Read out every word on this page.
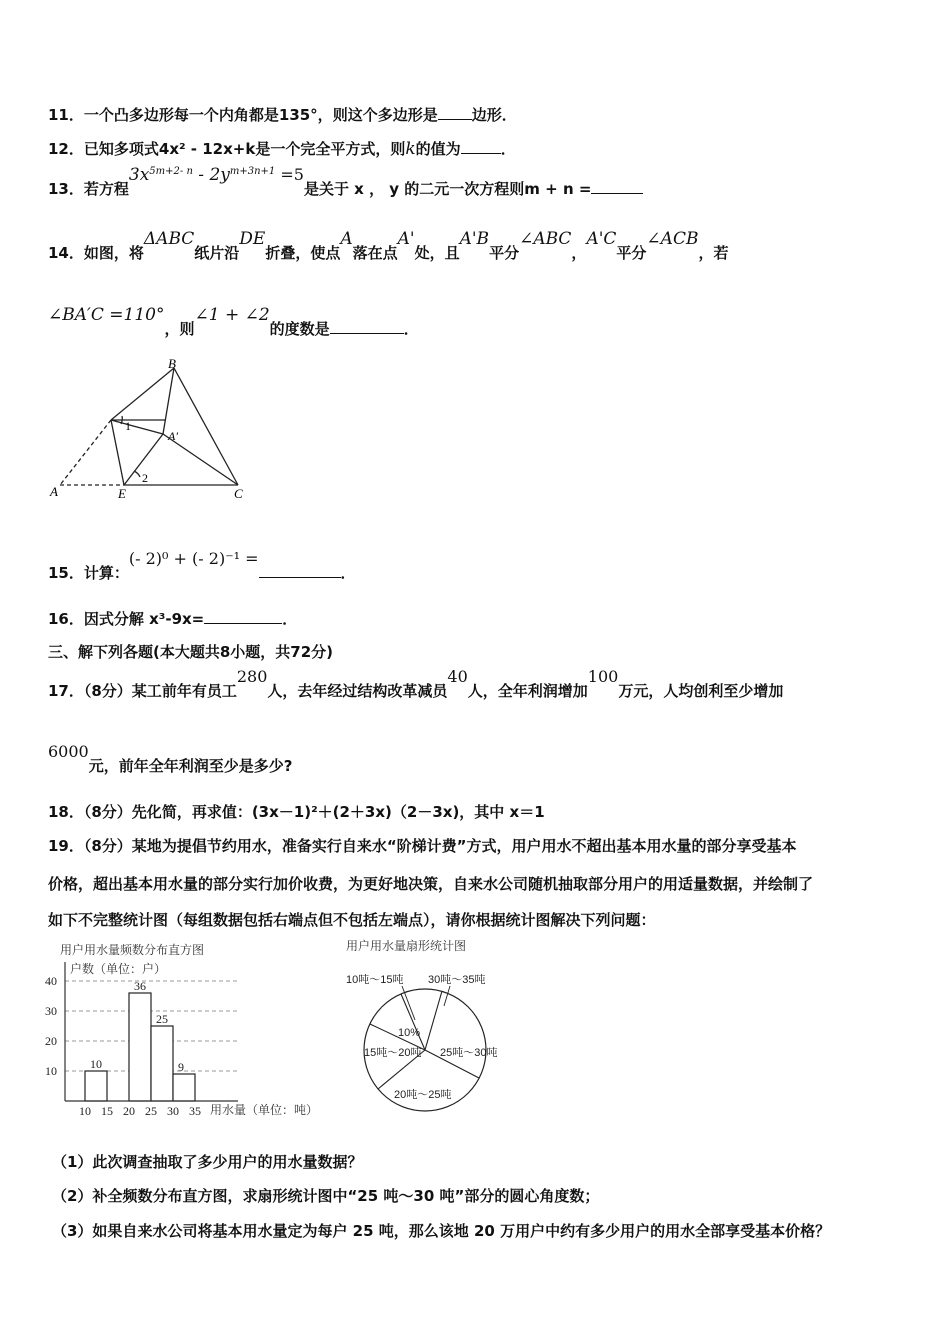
11．一个凸多边形每一个内角都是135°，则这个多边形是 边形．
12．已知多项式4x² - 12x+k是一个完全平方式，则k的值为	．
13．若方程$3x^{5m+2- n} - 2y^{m+3n+1} =5$是关于 x ， y 的二元一次方程则m + n =
14．如图，将ΔABC纸片沿DE折叠，使点A落在点A'处，且A'B平分∠ABC，A'C平分∠ACB，若
∠BA′C =110°，则∠1 + ∠2的度数是	．
B
A′
A	E	C
1
2
15．计算：(- 2)⁰ + (- 2)⁻¹ =．
16．因式分解 x³-9x=	．
三、解下列各题(本大题共8小题，共72分)
17．（8分）某工前年有员工280人，去年经过结构改革减员40人，全年利润增加100万元，人均创利至少增加
6000元，前年全年利润至少是多少?
18．（8分）先化简，再求值：(3x－1)²＋(2＋3x)（2－3x)，其中 x＝1
19．（8分）某地为提倡节约用水，准备实行自来水“阶梯计费”方式，用户用水不超出基本用水量的部分享受基本
价格，超出基本用水量的部分实行加价收费，为更好地决策，自来水公司随机抽取部分用户的用适量数据，并绘制了
如下不完整统计图（每组数据包括右端点但不包括左端点），请你根据统计图解决下列问题：
用户用水量频数分布直方图
户数（单位：户）
用水量（单位：吨）
10
36
25
9
10
20
30
40
10 15 20 25 30 35
用户用水量扇形统计图
10吨～15吨 30吨～35吨
10%
15吨～20吨 25吨～30吨
20吨～25吨
（1）此次调查抽取了多少用户的用水量数据？
（2）补全频数分布直方图，求扇形统计图中“25 吨～30 吨”部分的圆心角度数；
（3）如果自来水公司将基本用水量定为每户 25 吨，那么该地 20 万用户中约有多少用户的用水全部享受基本价格？
